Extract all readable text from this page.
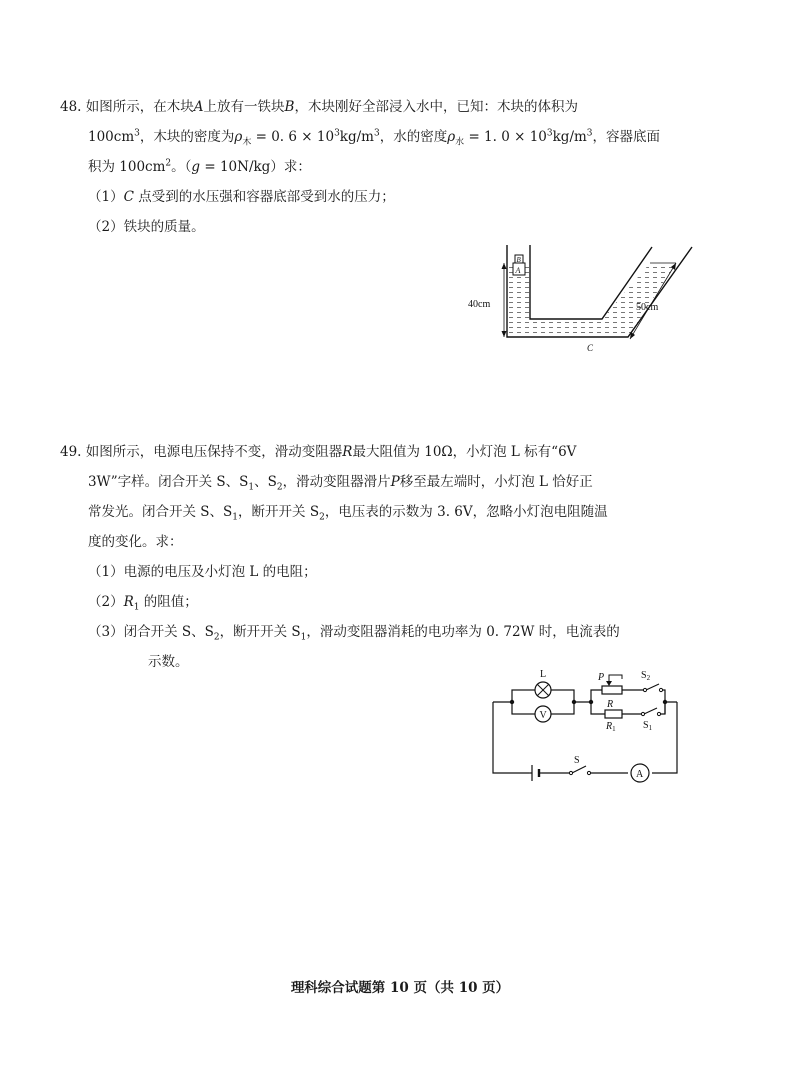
48. 如图所示，在木块A上放有一铁块B，木块刚好全部浸入水中，已知：木块的体积为
$100cm^3$，木块的密度为$\rho_木 = 0$. $6 \times 10^3kg/m^3$，水的密度$\rho_水 = 1$. $0 \times 10^3kg/m^3$，容器底面
积为 $100cm^2$。（g = 10N/kg）求：
（1）C 点受到的水压强和容器底部受到水的压力；
（2）铁块的质量。
B
A
40cm	50cm
C
49. 如图所示，电源电压保持不变，滑动变阻器R最大阻值为 10Ω，小灯泡 L 标有“6V
3W”字样。闭合开关 S、$S_1$、$S_2$，滑动变阻器滑片P移至最左端时，小灯泡 L 恰好正
常发光。闭合开关 S、$S_1$，断开开关 $S_2$，电压表的示数为 3. 6V，忽略小灯泡电阻随温
度的变化。求：
（1）电源的电压及小灯泡 L 的电阻；
$(2)R_1$ 的阻值；
（3）闭合开关 S、$S_2$，断开开关 $S_1$，滑动变阻器消耗的电功率为 0. 72W 时，电流表的
示数。
L
V
P
R
$R_1$
$S_2$
$S_1$
S
A
理科综合试题第 10 页（共 10 页）
